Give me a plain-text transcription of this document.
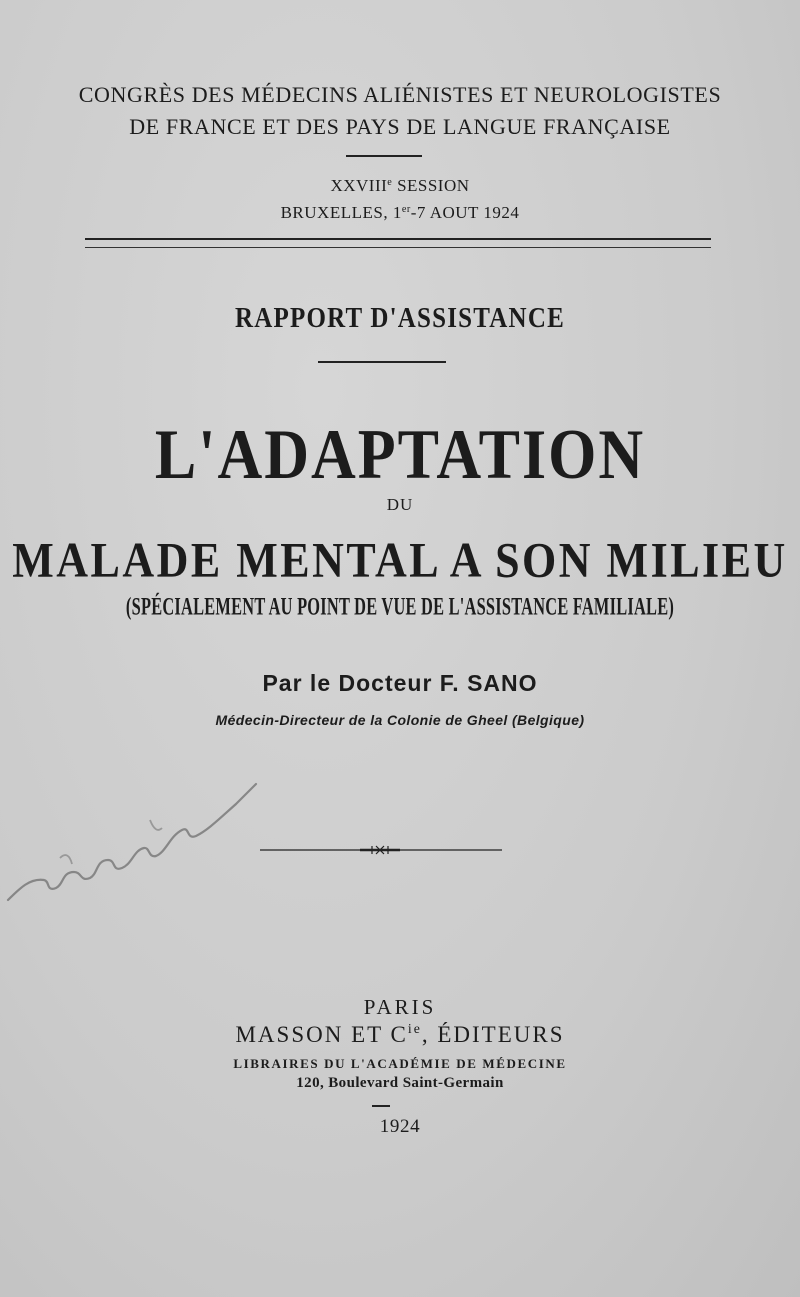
CONGRÈS DES MÉDECINS ALIÉNISTES ET NEUROLOGISTES
DE FRANCE ET DES PAYS DE LANGUE FRANÇAISE
XXVIIIe SESSION
BRUXELLES, 1er-7 AOUT 1924
RAPPORT D'ASSISTANCE
L'ADAPTATION
DU
MALADE MENTAL A SON MILIEU
(SPÉCIALEMENT AU POINT DE VUE DE L'ASSISTANCE FAMILIALE)
Par le Docteur F. SANO
Médecin-Directeur de la Colonie de Gheel (Belgique)
PARIS
MASSON ET $C^{ie}$, ÉDITEURS
LIBRAIRES DU L'ACADÉMIE DE MÉDECINE
120, Boulevard Saint-Germain
1924
